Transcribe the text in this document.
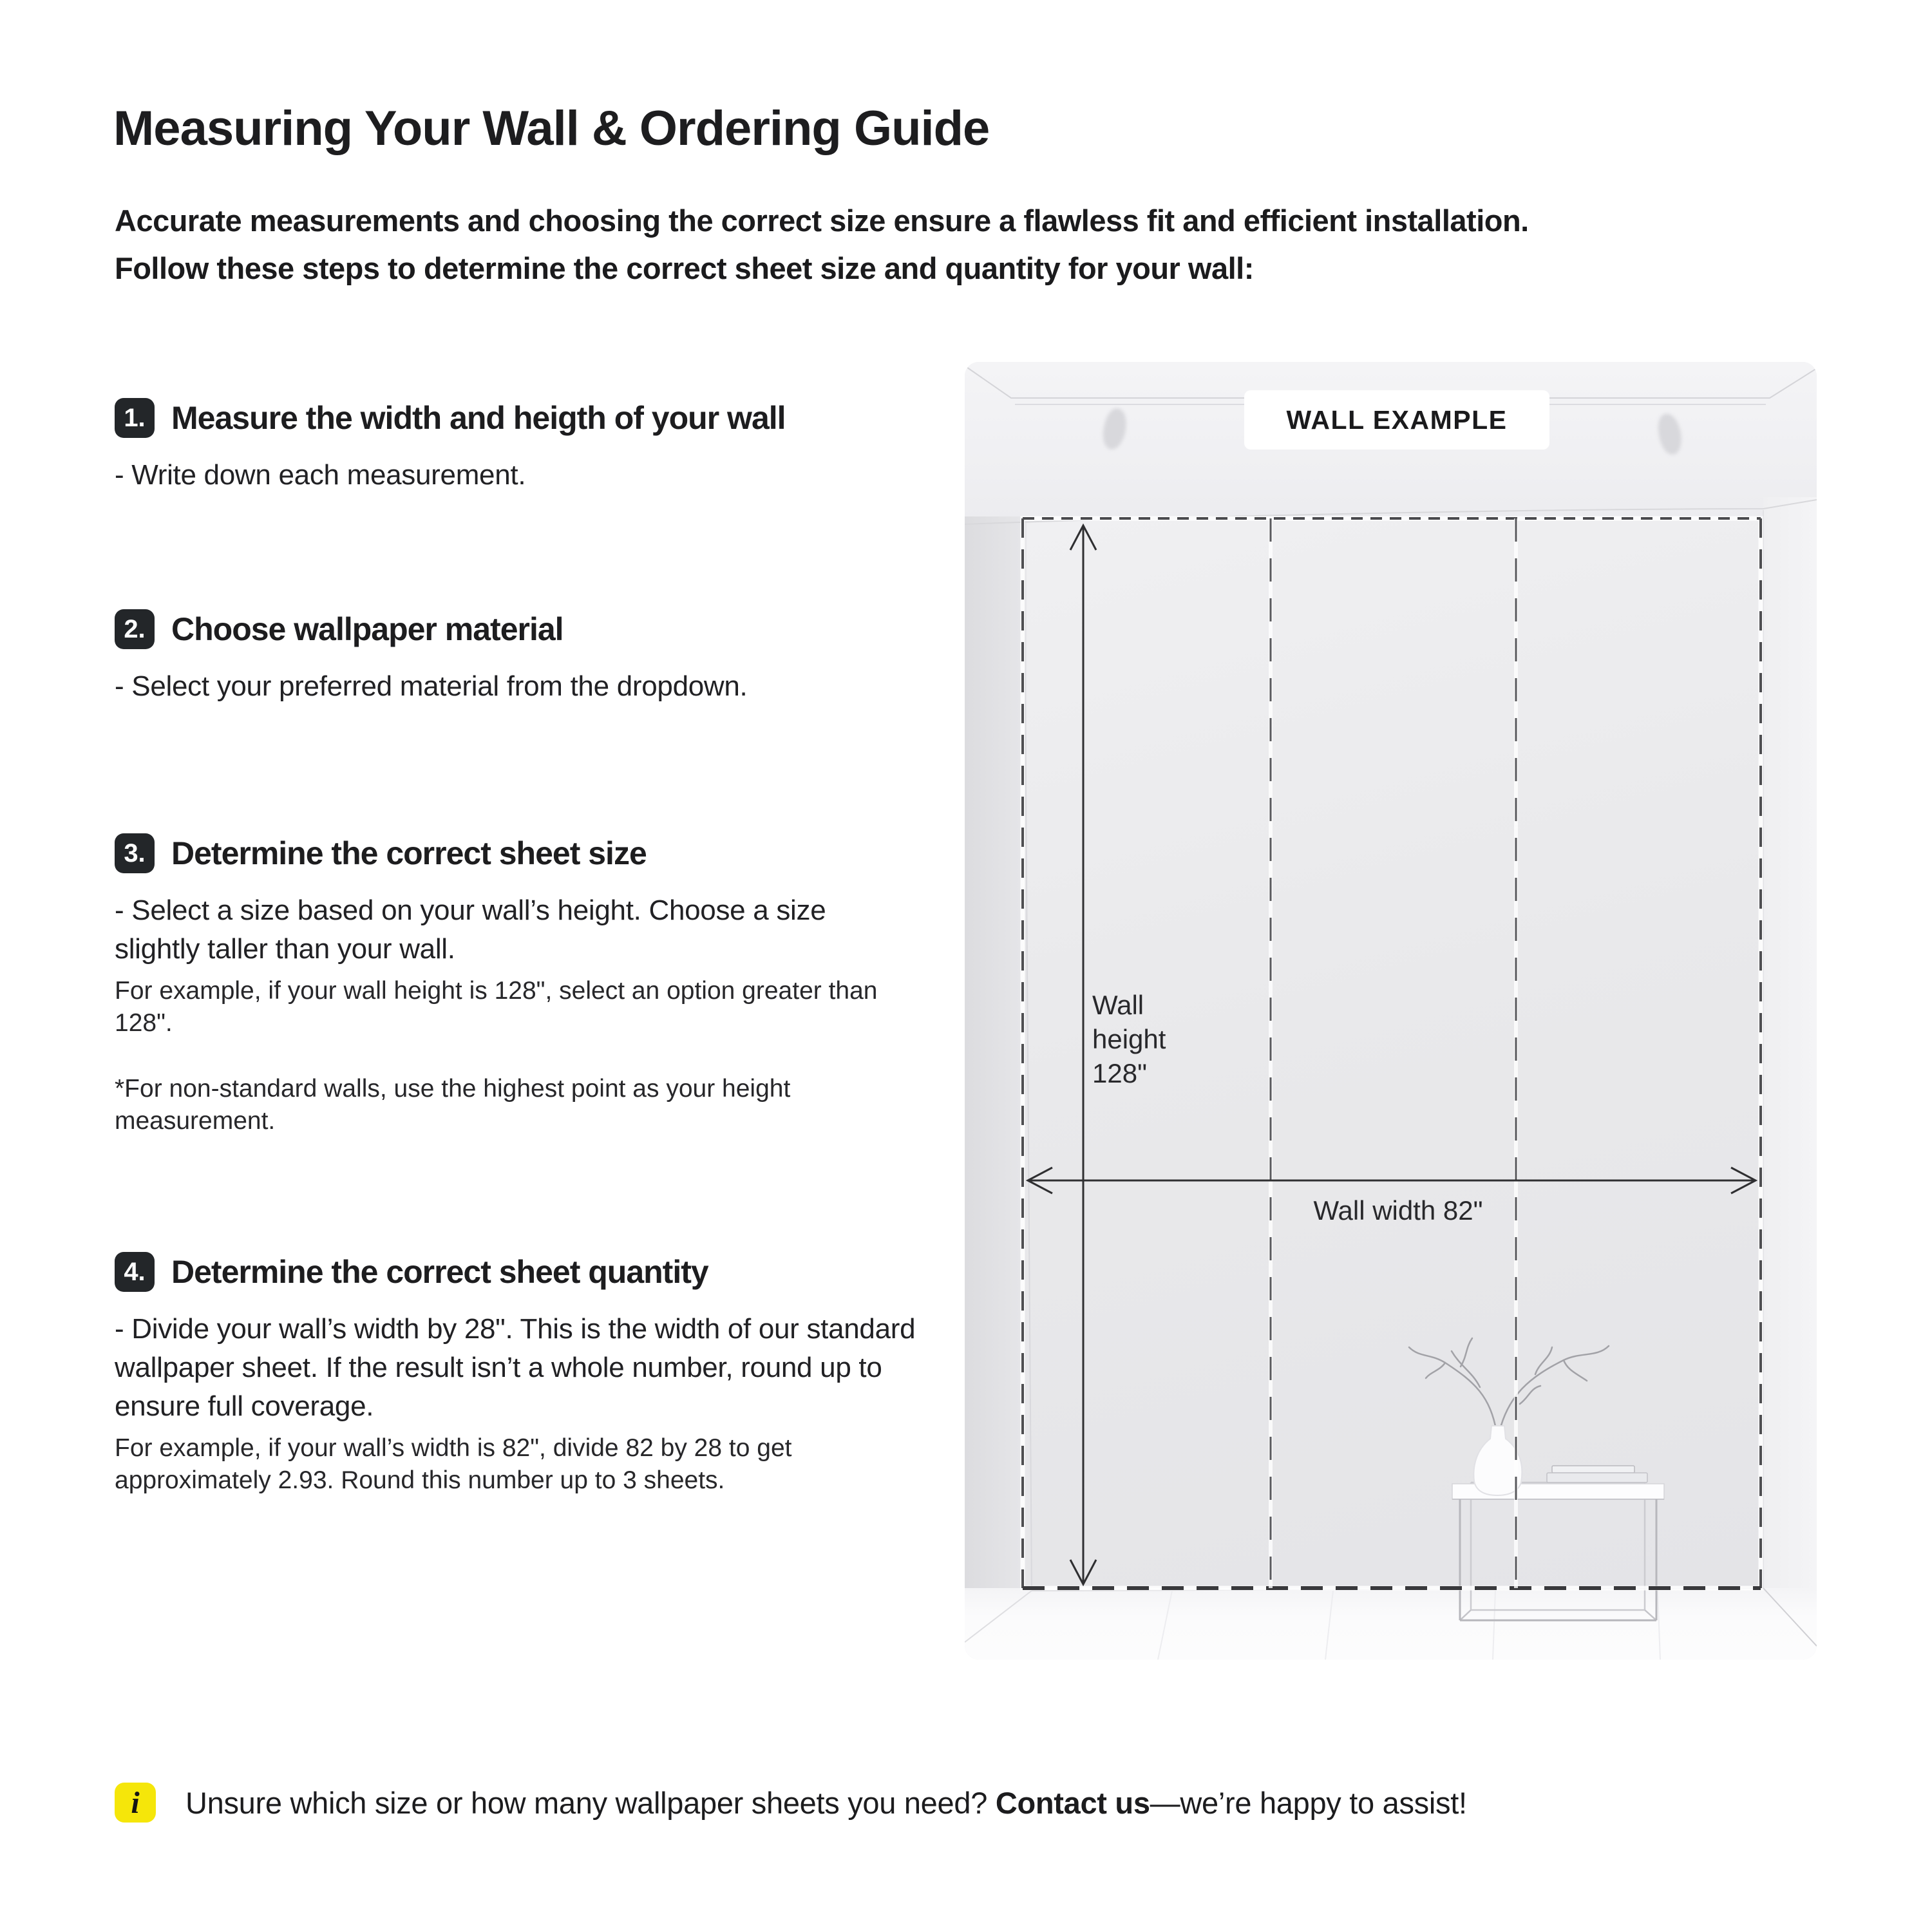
Measuring Your Wall & Ordering Guide
Accurate measurements and choosing the correct size ensure a flawless fit and efficient installation.
Follow these steps to determine the correct sheet size and quantity for your wall:
1. Measure the width and heigth of your wall
- Write down each measurement.
2. Choose wallpaper material
- Select your preferred material from the dropdown.
3. Determine the correct sheet size
- Select a size based on your wall’s height. Choose a size slightly taller than your wall.
For example, if your wall height is 128", select an option greater than 128".
*For non-standard walls, use the highest point as your height measurement.
4. Determine the correct sheet quantity
- Divide your wall’s width by 28". This is the width of our standard wallpaper sheet. If the result isn’t a whole number, round up to ensure full coverage.
For example, if your wall’s width is 82", divide 82 by 28 to get approximately 2.93. Round this number up to 3 sheets.
WALL EXAMPLE
Wall height 128"
Wall width 82"
i	Unsure which size or how many wallpaper sheets you need? Contact us—we’re happy to assist!
